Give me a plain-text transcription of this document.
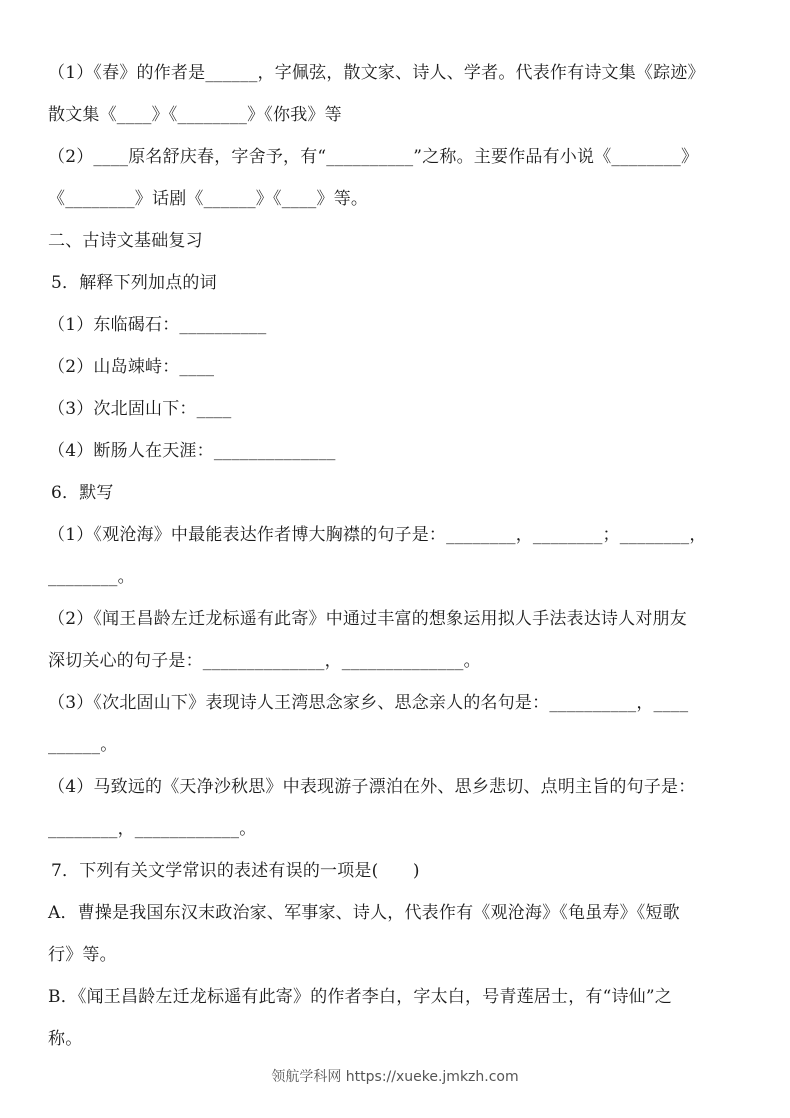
（1）《春》的作者是______，字佩弦，散文家、诗人、学者。代表作有诗文集《踪迹》
散文集《____》《________》《你我》等
（2）____原名舒庆春，字舍予，有“__________”之称。主要作品有小说《________》
《________》话剧《______》《____》等。
二、古诗文基础复习
5．解释下列加点的词
（1）东临碣石：__________
（2）山岛竦峙：____
（3）次北固山下：____
（4）断肠人在天涯：______________
6．默写
（1）《观沧海》中最能表达作者博大胸襟的句子是：________，________；________，
________。
（2）《闻王昌龄左迁龙标遥有此寄》中通过丰富的想象运用拟人手法表达诗人对朋友
深切关心的句子是：______________，______________。
（3）《次北固山下》表现诗人王湾思念家乡、思念亲人的名句是：__________，____
______。
（4）马致远的《天净沙秋思》中表现游子漂泊在外、思乡悲切、点明主旨的句子是：
________，____________。
7．下列有关文学常识的表述有误的一项是(　　)
A．曹操是我国东汉末政治家、军事家、诗人，代表作有《观沧海》《龟虽寿》《短歌
行》等。
B．《闻王昌龄左迁龙标遥有此寄》的作者李白，字太白，号青莲居士，有“诗仙”之
称。
领航学科网 https://xueke.jmkzh.com
